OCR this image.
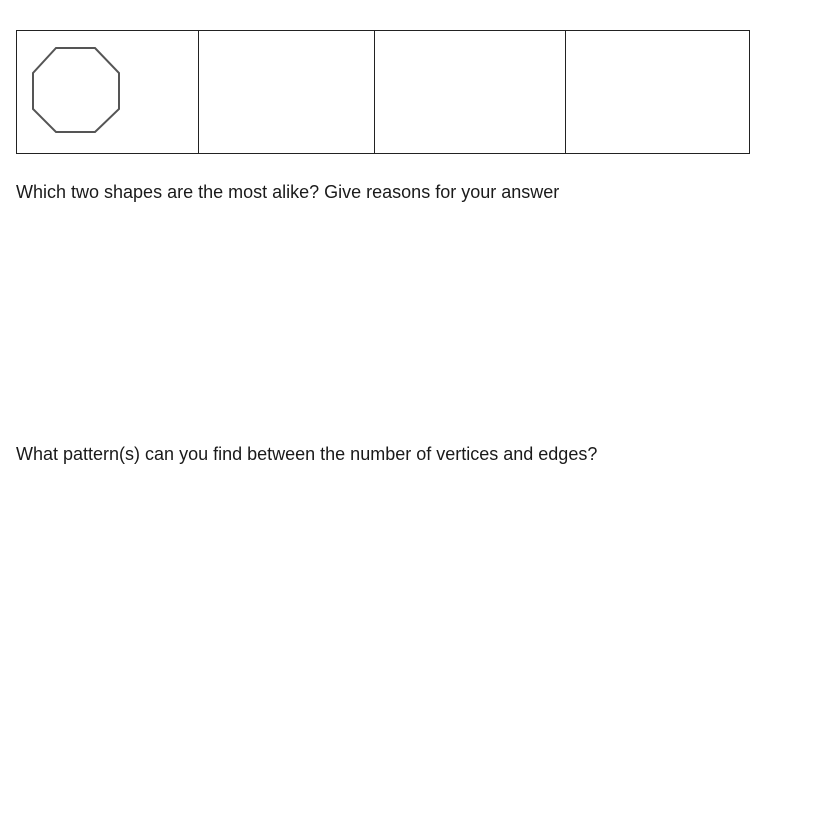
Which two shapes are the most alike? Give reasons for your answer

What pattern(s) can you find between the number of vertices and edges?
